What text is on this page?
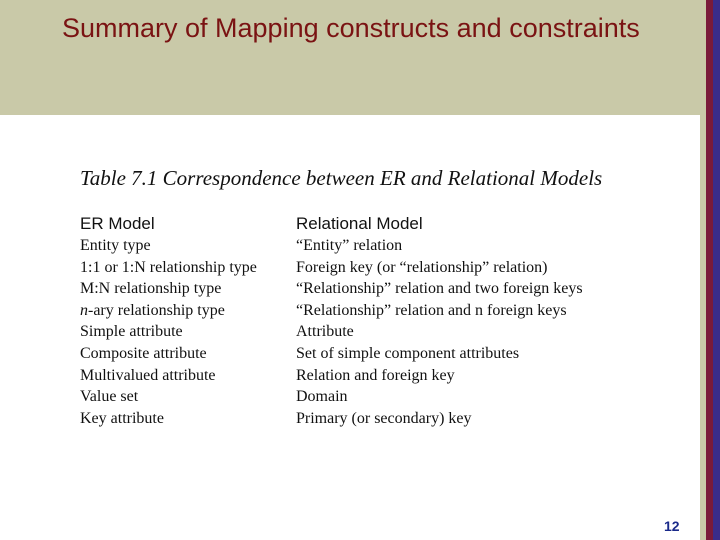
Summary of Mapping constructs and constraints
Table 7.1 Correspondence between ER and Relational Models
ER Model
Entity type
1:1 or 1:N relationship type
M:N relationship type
n-ary relationship type
Simple attribute
Composite attribute
Multivalued attribute
Value set
Key attribute
Relational Model
“Entity” relation
Foreign key (or “relationship” relation)
“Relationship” relation and two foreign keys
“Relationship” relation and n foreign keys
Attribute
Set of simple component attributes
Relation and foreign key
Domain
Primary (or secondary) key
12
